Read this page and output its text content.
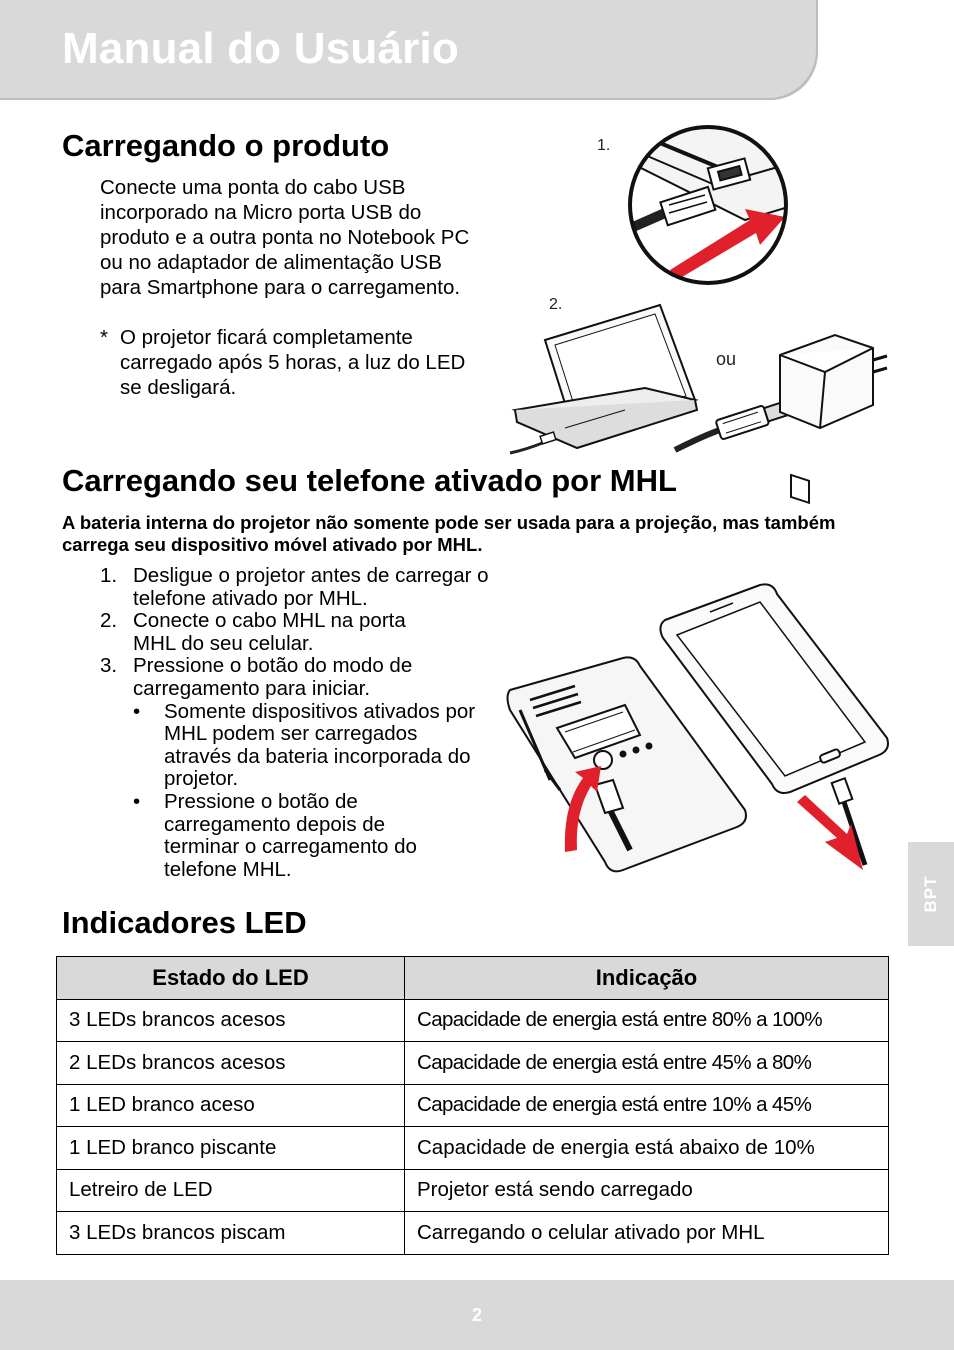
Manual do Usuário
Carregando o produto
Conecte uma ponta do cabo USB incorporado na Micro porta USB do produto e a outra ponta no Notebook PC ou no adaptador de alimentação USB para Smartphone para o carregamento.
* O projetor ficará completamente carregado após 5 horas, a luz do LED se desligará.
1.
2.
ou
Carregando seu telefone ativado por MHL
A bateria interna do projetor não somente pode ser usada para a projeção, mas também carrega seu dispositivo móvel ativado por MHL.
1. Desligue o projetor antes de carregar o telefone ativado por MHL.
2. Conecte o cabo MHL na porta MHL do seu celular.
3. Pressione o botão do modo de carregamento para iniciar.
• Somente dispositivos ativados por MHL podem ser carregados através da bateria incorporada do projetor.
• Pressione o botão de carregamento depois de terminar o carregamento do telefone MHL.
Indicadores LED
Estado do LED	Indicação
3 LEDs brancos acesos	Capacidade de energia está entre 80% a 100%
2 LEDs brancos acesos	Capacidade de energia está entre 45% a 80%
1 LED branco aceso	Capacidade de energia está entre 10% a 45%
1 LED branco piscante	Capacidade de energia está abaixo de 10%
Letreiro de LED	Projetor está sendo carregado
3 LEDs brancos piscam	Carregando o celular ativado por MHL
BPT
2
